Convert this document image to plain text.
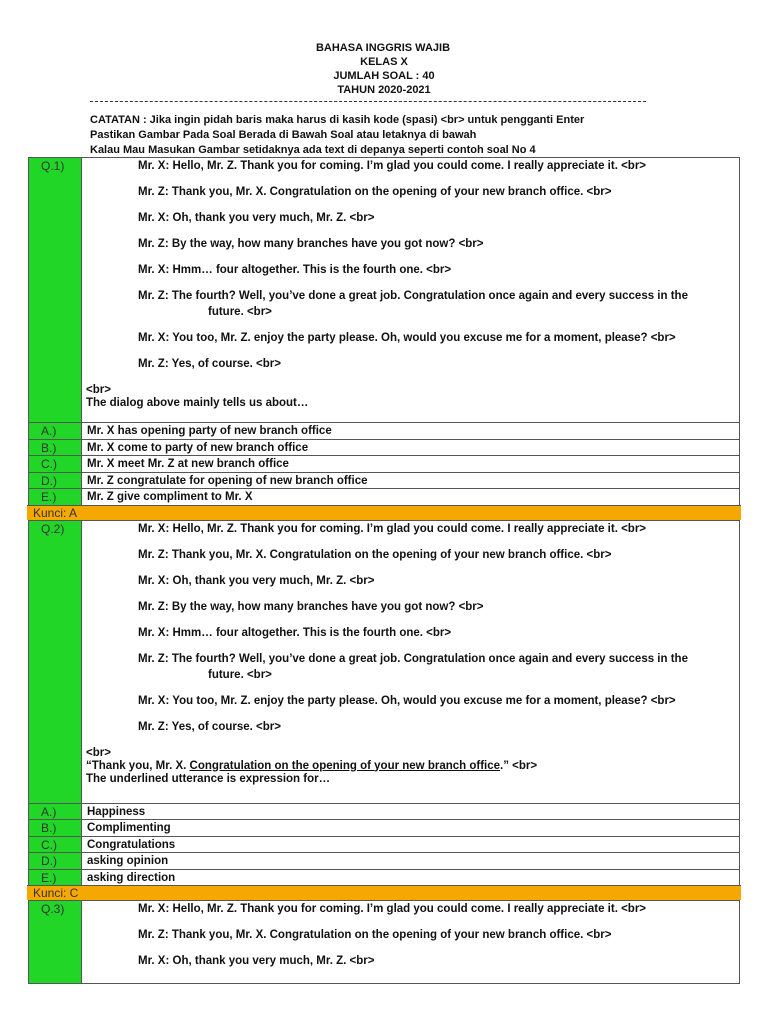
BAHASA INGGRIS WAJIB
KELAS X
JUMLAH SOAL : 40
TAHUN 2020-2021
CATATAN : Jika ingin pidah baris maka harus di kasih kode (spasi) <br> untuk pengganti Enter
Pastikan Gambar Pada Soal Berada di Bawah Soal atau letaknya di bawah
Kalau Mau Masukan Gambar setidaknya ada text di depanya seperti contoh soal No 4
Q.1)	Mr. X: Hello, Mr. Z. Thank you for coming. I’m glad you could come. I really appreciate it. <br>

Mr. Z: Thank you, Mr. X. Congratulation on the opening of your new branch office. <br>

Mr. X: Oh, thank you very much, Mr. Z. <br>

Mr. Z: By the way, how many branches have you got now? <br>

Mr. X: Hmm… four altogether. This is the fourth one. <br>

Mr. Z: The fourth? Well, you’ve done a great job. Congratulation once again and every success in the

future. <br>

Mr. X: You too, Mr. Z. enjoy the party please. Oh, would you excuse me for a moment, please? <br>

Mr. Z: Yes, of course. <br>

<br>
The dialog above mainly tells us about…
A.)	Mr. X has opening party of new branch office
B.)	Mr. X come to party of new branch office
C.)	Mr. X meet Mr. Z at new branch office
D.)	Mr. Z congratulate for opening of new branch office
E.)	Mr. Z give compliment to Mr. X
Kunci: A
Q.2)	Mr. X: Hello, Mr. Z. Thank you for coming. I’m glad you could come. I really appreciate it. <br>

Mr. Z: Thank you, Mr. X. Congratulation on the opening of your new branch office. <br>

Mr. X: Oh, thank you very much, Mr. Z. <br>

Mr. Z: By the way, how many branches have you got now? <br>

Mr. X: Hmm… four altogether. This is the fourth one. <br>

Mr. Z: The fourth? Well, you’ve done a great job. Congratulation once again and every success in the

future. <br>

Mr. X: You too, Mr. Z. enjoy the party please. Oh, would you excuse me for a moment, please? <br>

Mr. Z: Yes, of course. <br>

<br>
“Thank you, Mr. X. Congratulation on the opening of your new branch office.” <br>
The underlined utterance is expression for…
A.)	Happiness
B.)	Complimenting
C.)	Congratulations
D.)	asking opinion
E.)	asking direction
Kunci: C
Q.3)	Mr. X: Hello, Mr. Z. Thank you for coming. I’m glad you could come. I really appreciate it. <br>

Mr. Z: Thank you, Mr. X. Congratulation on the opening of your new branch office. <br>

Mr. X: Oh, thank you very much, Mr. Z. <br>
